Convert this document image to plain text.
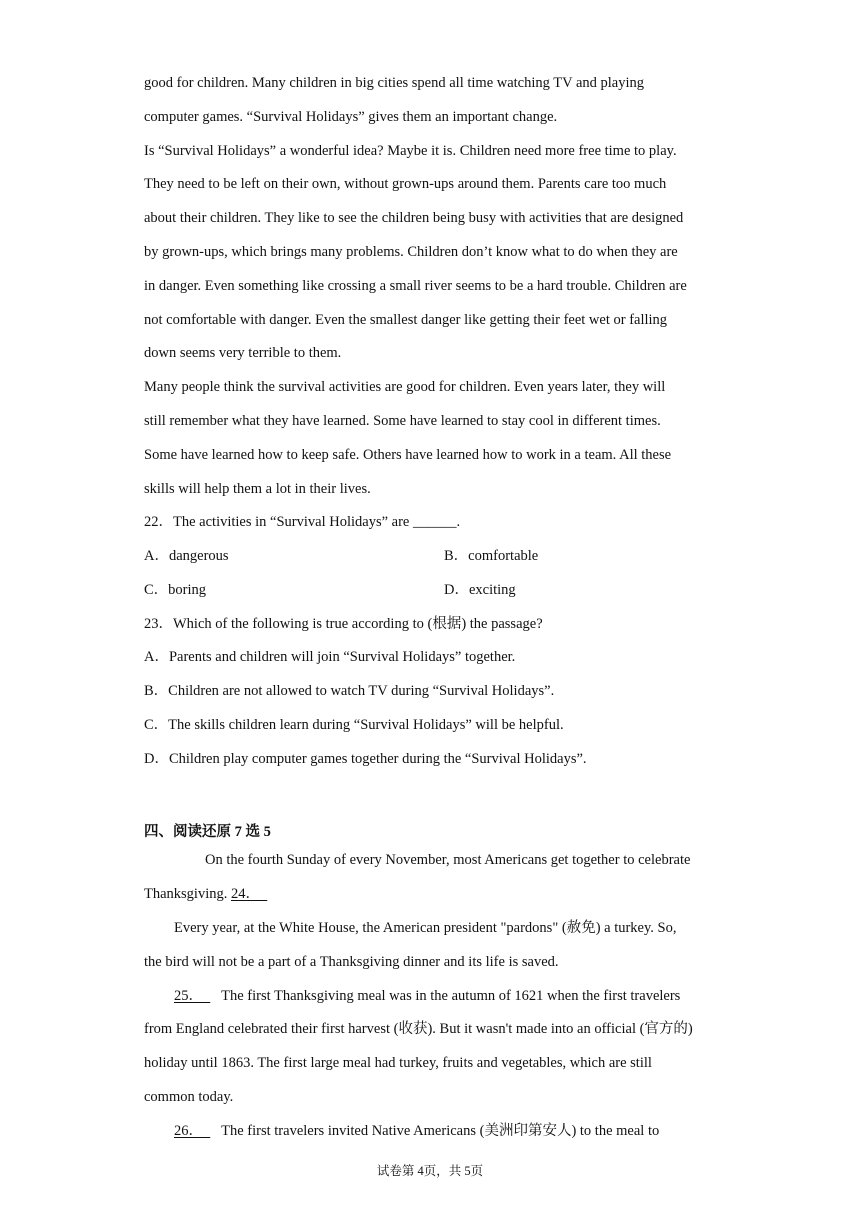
good for children. Many children in big cities spend all time watching TV and playing
computer games. “Survival Holidays” gives them an important change.
Is “Survival Holidays” a wonderful idea? Maybe it is. Children need more free time to play.
They need to be left on their own, without grown-ups around them. Parents care too much
about their children. They like to see the children being busy with activities that are designed
by grown-ups, which brings many problems. Children don’t know what to do when they are
in danger. Even something like crossing a small river seems to be a hard trouble. Children are
not comfortable with danger. Even the smallest danger like getting their feet wet or falling
down seems very terrible to them.
Many people think the survival activities are good for children. Even years later, they will
still remember what they have learned. Some have learned to stay cool in different times.
Some have learned how to keep safe. Others have learned how to work in a team. All these
skills will help them a lot in their lives.
22．The activities in “Survival Holidays” are ______.
A．dangerous	B．comfortable
C．boring	D．exciting
23．Which of the following is true according to (根据) the passage?
A．Parents and children will join “Survival Holidays” together.
B．Children are not allowed to watch TV during “Survival Holidays”.
C．The skills children learn during “Survival Holidays” will be helpful.
D．Children play computer games together during the “Survival Holidays”.
四、阅读还原 7 选 5
On the fourth Sunday of every November, most Americans get together to celebrate
Thanksgiving. 24．
Every year, at the White House, the American president "pardons" (赦免) a turkey. So,
the bird will not be a part of a Thanksgiving dinner and its life is saved.
25． The first Thanksgiving meal was in the autumn of 1621 when the first travelers
from England celebrated their first harvest (收获). But it wasn't made into an official (官方的)
holiday until 1863. The first large meal had turkey, fruits and vegetables, which are still
common today.
26． The first travelers invited Native Americans (美洲印第安人) to the meal to
试卷第 4页，共 5页
